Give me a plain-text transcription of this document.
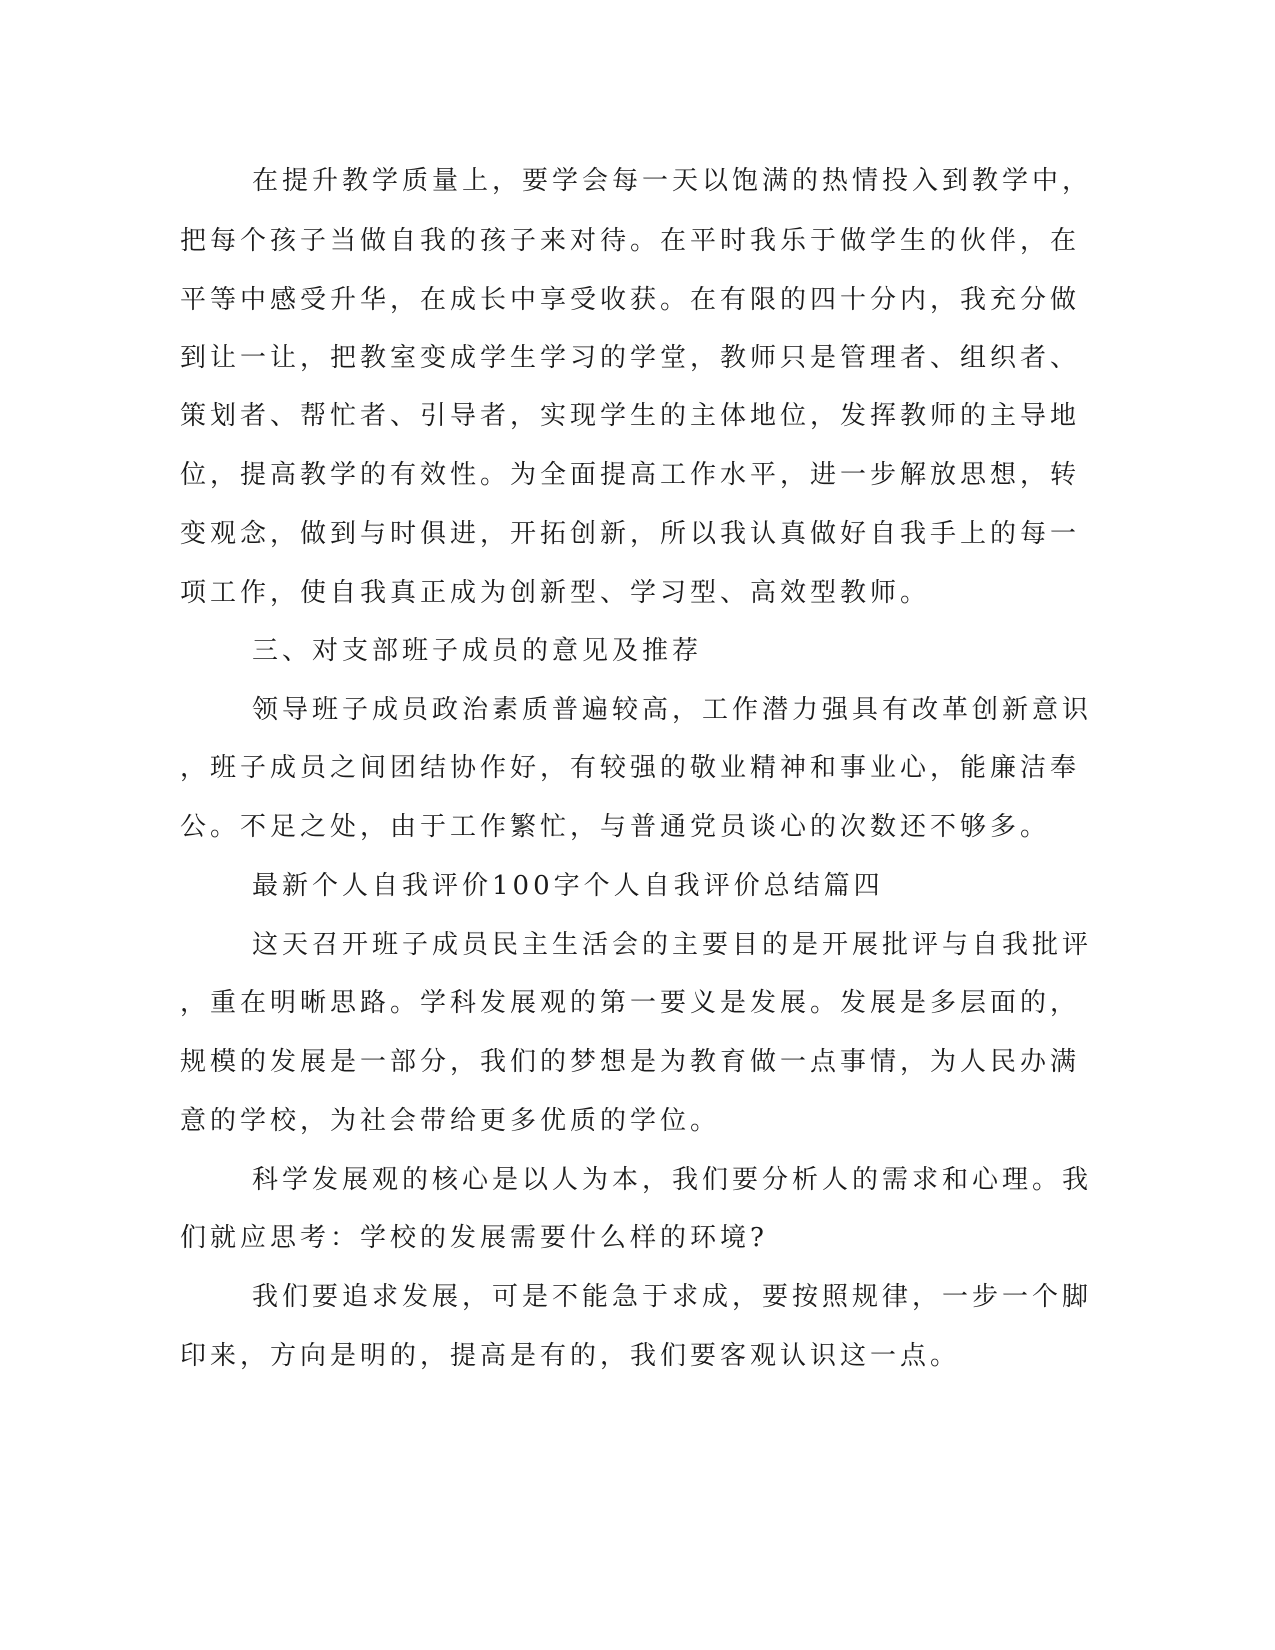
在提升教学质量上，要学会每一天以饱满的热情投入到教学中，
把每个孩子当做自我的孩子来对待。在平时我乐于做学生的伙伴，在
平等中感受升华，在成长中享受收获。在有限的四十分内，我充分做
到让一让，把教室变成学生学习的学堂，教师只是管理者、组织者、
策划者、帮忙者、引导者，实现学生的主体地位，发挥教师的主导地
位，提高教学的有效性。为全面提高工作水平，进一步解放思想，转
变观念，做到与时俱进，开拓创新，所以我认真做好自我手上的每一
项工作，使自我真正成为创新型、学习型、高效型教师。
三、对支部班子成员的意见及推荐
领导班子成员政治素质普遍较高，工作潜力强具有改革创新意识
，班子成员之间团结协作好，有较强的敬业精神和事业心，能廉洁奉
公。不足之处，由于工作繁忙，与普通党员谈心的次数还不够多。
最新个人自我评价100字个人自我评价总结篇四
这天召开班子成员民主生活会的主要目的是开展批评与自我批评
，重在明晰思路。学科发展观的第一要义是发展。发展是多层面的，
规模的发展是一部分，我们的梦想是为教育做一点事情，为人民办满
意的学校，为社会带给更多优质的学位。
科学发展观的核心是以人为本，我们要分析人的需求和心理。我
们就应思考：学校的发展需要什么样的环境?
我们要追求发展，可是不能急于求成，要按照规律，一步一个脚
印来，方向是明的，提高是有的，我们要客观认识这一点。
